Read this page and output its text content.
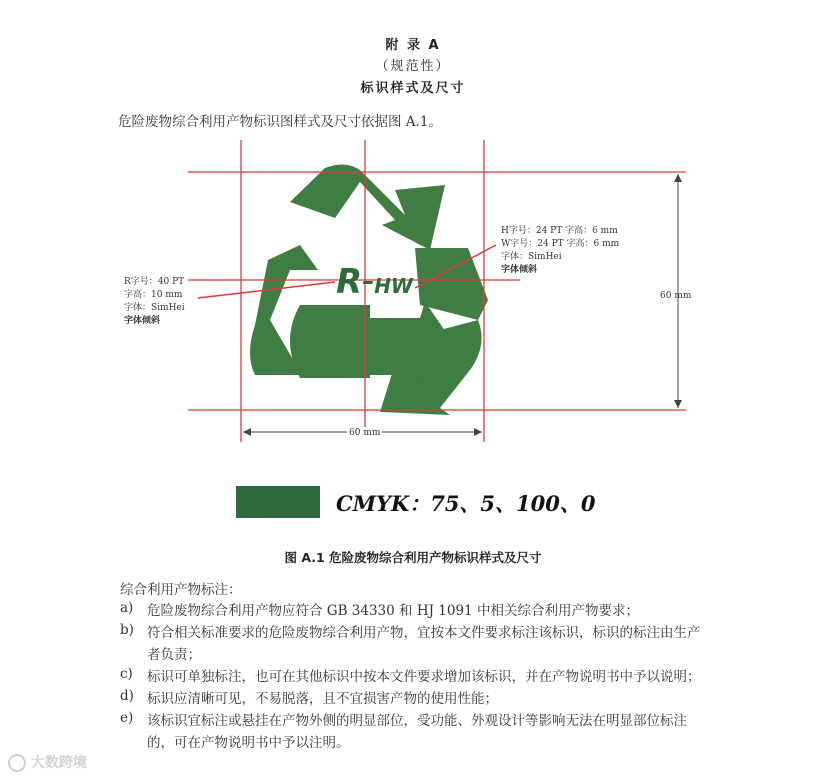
附 录 A
（规范性）
标识样式及尺寸
危险废物综合利用产物标识图样式及尺寸依据图 A.1。
R–HW
R字号：40 PT
字高：10 mm
字体：SimHei
字体倾斜
H字号：24 PT 字高：6 mm
W字号：24 PT 字高：6 mm
字体：SimHei
字体倾斜
60 mm
60 mm
CMYK：75、5、100、0
图 A.1 危险废物综合利用产物标识样式及尺寸
综合利用产物标注：
a)	危险废物综合利用产物应符合 GB 34330 和 HJ 1091 中相关综合利用产物要求；
b) 符合相关标准要求的危险废物综合利用产物，宜按本文件要求标注该标识，标识的标注由生产
者负责；
c)	标识可单独标注，也可在其他标识中按本文件要求增加该标识，并在产物说明书中予以说明；
d) 标识应清晰可见，不易脱落，且不宜损害产物的使用性能；
e)	该标识宜标注或悬挂在产物外侧的明显部位，受功能、外观设计等影响无法在明显部位标注
的，可在产物说明书中予以注明。
大数跨境
